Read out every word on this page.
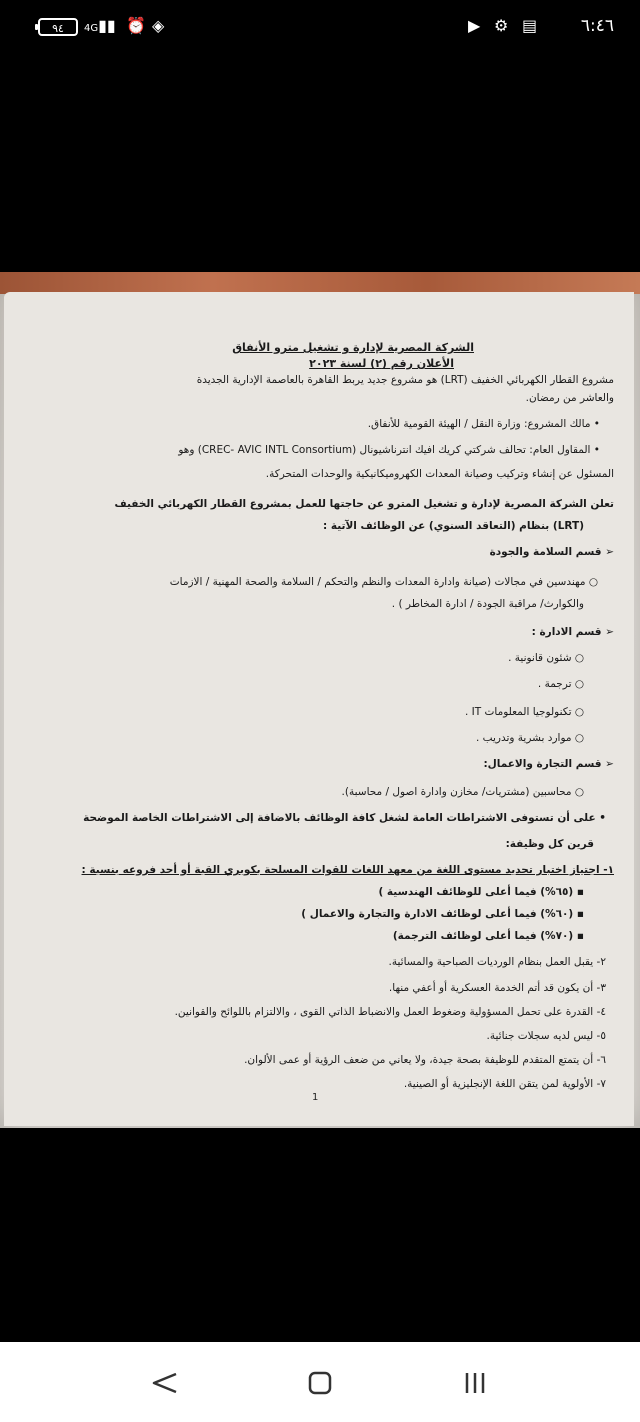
٩٤	4G▮▮ ⏰ ◈	▶ ⚙ ▤	٦:٤٦

الشركة المصرية لإدارة و تشغيل مترو الأنفاق

الأعلان رقم (٢) لسنة ٢٠٢٣

مشروع القطار الكهربائي الخفيف (LRT) هو مشروع جديد يربط القاهرة بالعاصمة الإدارية الجديدة

والعاشر من رمضان.

• مالك المشروع: وزارة النقل / الهيئة القومية للأنفاق.

• المقاول العام: تحالف شركتي كريك افيك انترناشيونال (CREC- AVIC INTL Consortium) وهو

المسئول عن إنشاء وتركيب وصيانة المعدات الكهروميكانيكية والوحدات المتحركة.

تعلن الشركة المصرية لإدارة و تشغيل المترو عن حاجتها للعمل بمشروع القطار الكهربائي الخفيف

(LRT) بنظام (التعاقد السنوي) عن الوظائف الآتية :

➢ قسم السلامة والجودة

○ مهندسين في مجالات (صيانة وادارة المعدات والنظم والتحكم / السلامة والصحة المهنية / الازمات

والكوارث/ مراقبة الجودة / ادارة المخاطر ) .

➢ قسم الادارة :

○ شئون قانونية .

○ ترجمة .

○ تكنولوجيا المعلومات IT .

○ موارد بشرية وتدريب .

➢ قسم التجارة والاعمال:

○ محاسبين (مشتريات/ مخازن وادارة اصول / محاسبة).

• على أن تستوفى الاشتراطات العامة لشغل كافة الوظائف بالاضافة إلى الاشتراطات الخاصة الموضحة

قرين كل وظيفة:

١- اجتياز اختبار تحديد مستوى اللغة من معهد اللغات للقوات المسلحة بكوبري القبة أو أحد فروعه بنسبة :

▪ (٦٥%) فيما أعلى للوظائف الهندسية )

▪ (٦٠%) فيما أعلى لوظائف الادارة والتجارة والاعمال )

▪ (٧٠%) فيما أعلى لوظائف الترجمة)

٢- يقبل العمل بنظام الورديات الصباحية والمسائية.

٣- أن يكون قد أتم الخدمة العسكرية أو أعفي منها.

٤- القدرة على تحمل المسؤولية وضغوط العمل والانضباط الذاتي القوى ، والالتزام باللوائح والقوانين.

٥- ليس لديه سجلات جنائية.

٦- أن يتمتع المتقدم للوظيفة بصحة جيدة، ولا يعاني من ضعف الرؤية أو عمى الألوان.

٧- الأولوية لمن يتقن اللغة الإنجليزية أو الصينية.

1
